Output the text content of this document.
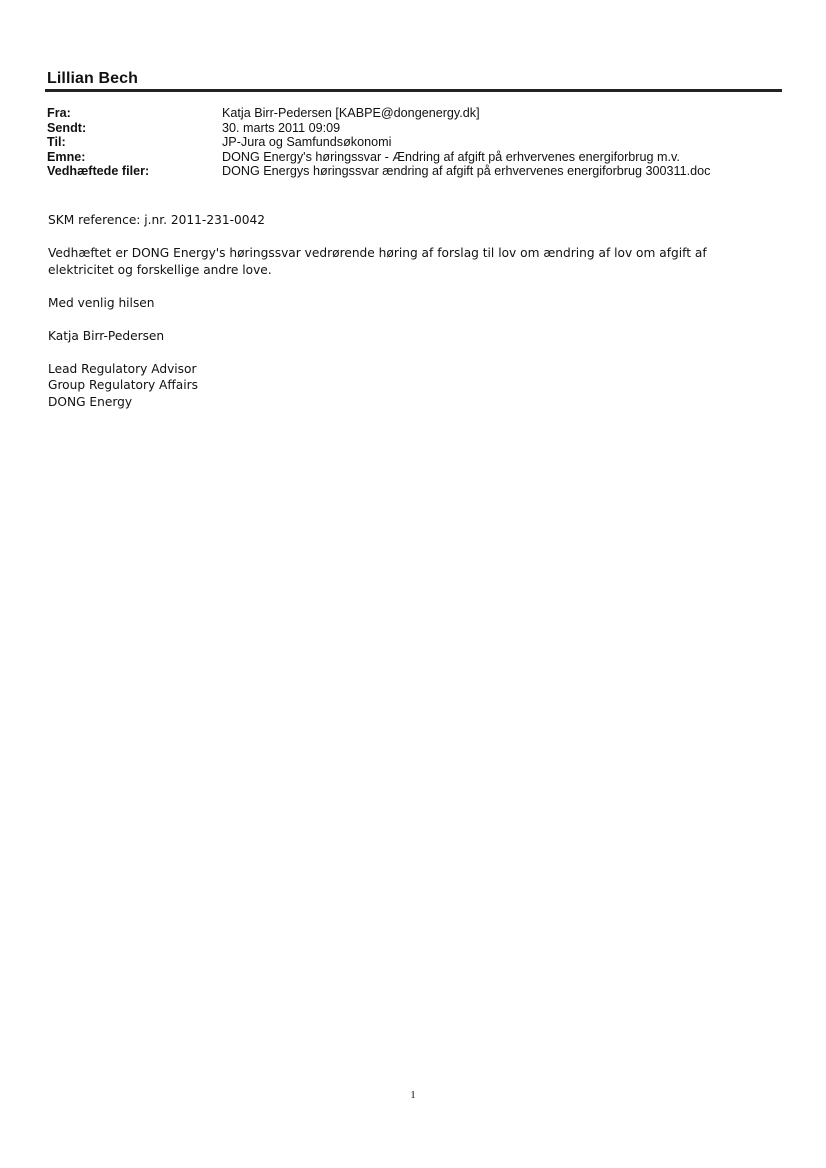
Lillian Bech
Fra:	Katja Birr-Pedersen [KABPE@dongenergy.dk]
Sendt:	30. marts 2011 09:09
Til:	JP-Jura og Samfundsøkonomi
Emne:	DONG Energy's høringssvar - Ændring af afgift på erhvervenes energiforbrug m.v.
Vedhæftede filer:	DONG Energys høringssvar ændring af afgift på erhvervenes energiforbrug 300311.doc

SKM reference: j.nr. 2011-231-0042

Vedhæftet er DONG Energy's høringssvar vedrørende høring af forslag til lov om ændring af lov om afgift af
elektricitet og forskellige andre love.

Med venlig hilsen

Katja Birr-Pedersen

Lead Regulatory Advisor
Group Regulatory Affairs
DONG Energy
1
